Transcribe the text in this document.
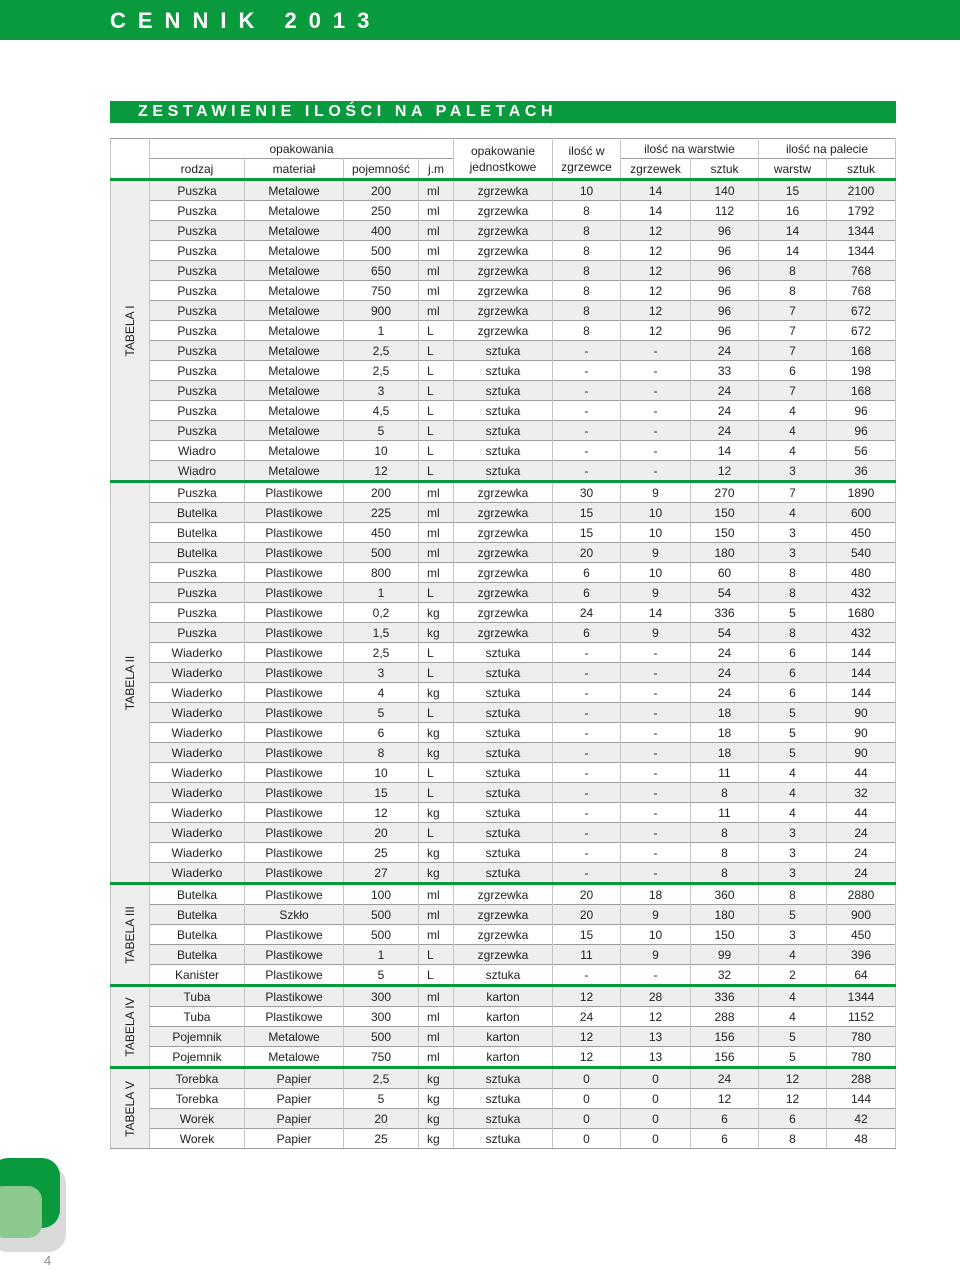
CENNIK 2013
ZESTAWIENIE ILOŚCI NA PALETACH
	opakowania				opakowanie jednostkowe	ilość w zgrzewce	ilość na warstwie		ilość na palecie	
	rodzaj	materiał	pojemność	j.m			zgrzewek	sztuk	warstw	sztuk

TABELA I	Puszka	Metalowe	200	ml	zgrzewka	10	14	140	15	2100
	Puszka	Metalowe	250	ml	zgrzewka	8	14	112	16	1792
	Puszka	Metalowe	400	ml	zgrzewka	8	12	96	14	1344
	Puszka	Metalowe	500	ml	zgrzewka	8	12	96	14	1344
	Puszka	Metalowe	650	ml	zgrzewka	8	12	96	8	768
	Puszka	Metalowe	750	ml	zgrzewka	8	12	96	8	768
	Puszka	Metalowe	900	ml	zgrzewka	8	12	96	7	672
	Puszka	Metalowe	1	L	zgrzewka	8	12	96	7	672
	Puszka	Metalowe	2,5	L	sztuka	-	-	24	7	168
	Puszka	Metalowe	2,5	L	sztuka	-	-	33	6	198
	Puszka	Metalowe	3	L	sztuka	-	-	24	7	168
	Puszka	Metalowe	4,5	L	sztuka	-	-	24	4	96
	Puszka	Metalowe	5	L	sztuka	-	-	24	4	96
	Wiadro	Metalowe	10	L	sztuka	-	-	14	4	56
	Wiadro	Metalowe	12	L	sztuka	-	-	12	3	36

TABELA II	Puszka	Plastikowe	200	ml	zgrzewka	30	9	270	7	1890
	Butelka	Plastikowe	225	ml	zgrzewka	15	10	150	4	600
	Butelka	Plastikowe	450	ml	zgrzewka	15	10	150	3	450
	Butelka	Plastikowe	500	ml	zgrzewka	20	9	180	3	540
	Puszka	Plastikowe	800	ml	zgrzewka	6	10	60	8	480
	Puszka	Plastikowe	1	L	zgrzewka	6	9	54	8	432
	Puszka	Plastikowe	0,2	kg	zgrzewka	24	14	336	5	1680
	Puszka	Plastikowe	1,5	kg	zgrzewka	6	9	54	8	432
	Wiaderko	Plastikowe	2,5	L	sztuka	-	-	24	6	144
	Wiaderko	Plastikowe	3	L	sztuka	-	-	24	6	144
	Wiaderko	Plastikowe	4	kg	sztuka	-	-	24	6	144
	Wiaderko	Plastikowe	5	L	sztuka	-	-	18	5	90
	Wiaderko	Plastikowe	6	kg	sztuka	-	-	18	5	90
	Wiaderko	Plastikowe	8	kg	sztuka	-	-	18	5	90
	Wiaderko	Plastikowe	10	L	sztuka	-	-	11	4	44
	Wiaderko	Plastikowe	15	L	sztuka	-	-	8	4	32
	Wiaderko	Plastikowe	12	kg	sztuka	-	-	11	4	44
	Wiaderko	Plastikowe	20	L	sztuka	-	-	8	3	24
	Wiaderko	Plastikowe	25	kg	sztuka	-	-	8	3	24
	Wiaderko	Plastikowe	27	kg	sztuka	-	-	8	3	24

TABELA III	Butelka	Plastikowe	100	ml	zgrzewka	20	18	360	8	2880
	Butelka	Szkło	500	ml	zgrzewka	20	9	180	5	900
	Butelka	Plastikowe	500	ml	zgrzewka	15	10	150	3	450
	Butelka	Plastikowe	1	L	zgrzewka	11	9	99	4	396
	Kanister	Plastikowe	5	L	sztuka	-	-	32	2	64

TABELA IV	Tuba	Plastikowe	300	ml	karton	12	28	336	4	1344
	Tuba	Plastikowe	300	ml	karton	24	12	288	4	1152
	Pojemnik	Metalowe	500	ml	karton	12	13	156	5	780
	Pojemnik	Metalowe	750	ml	karton	12	13	156	5	780

TABELA V	Torebka	Papier	2,5	kg	sztuka	0	0	24	12	288
	Torebka	Papier	5	kg	sztuka	0	0	12	12	144
	Worek	Papier	20	kg	sztuka	0	0	6	6	42
	Worek	Papier	25	kg	sztuka	0	0	6	8	48
4
